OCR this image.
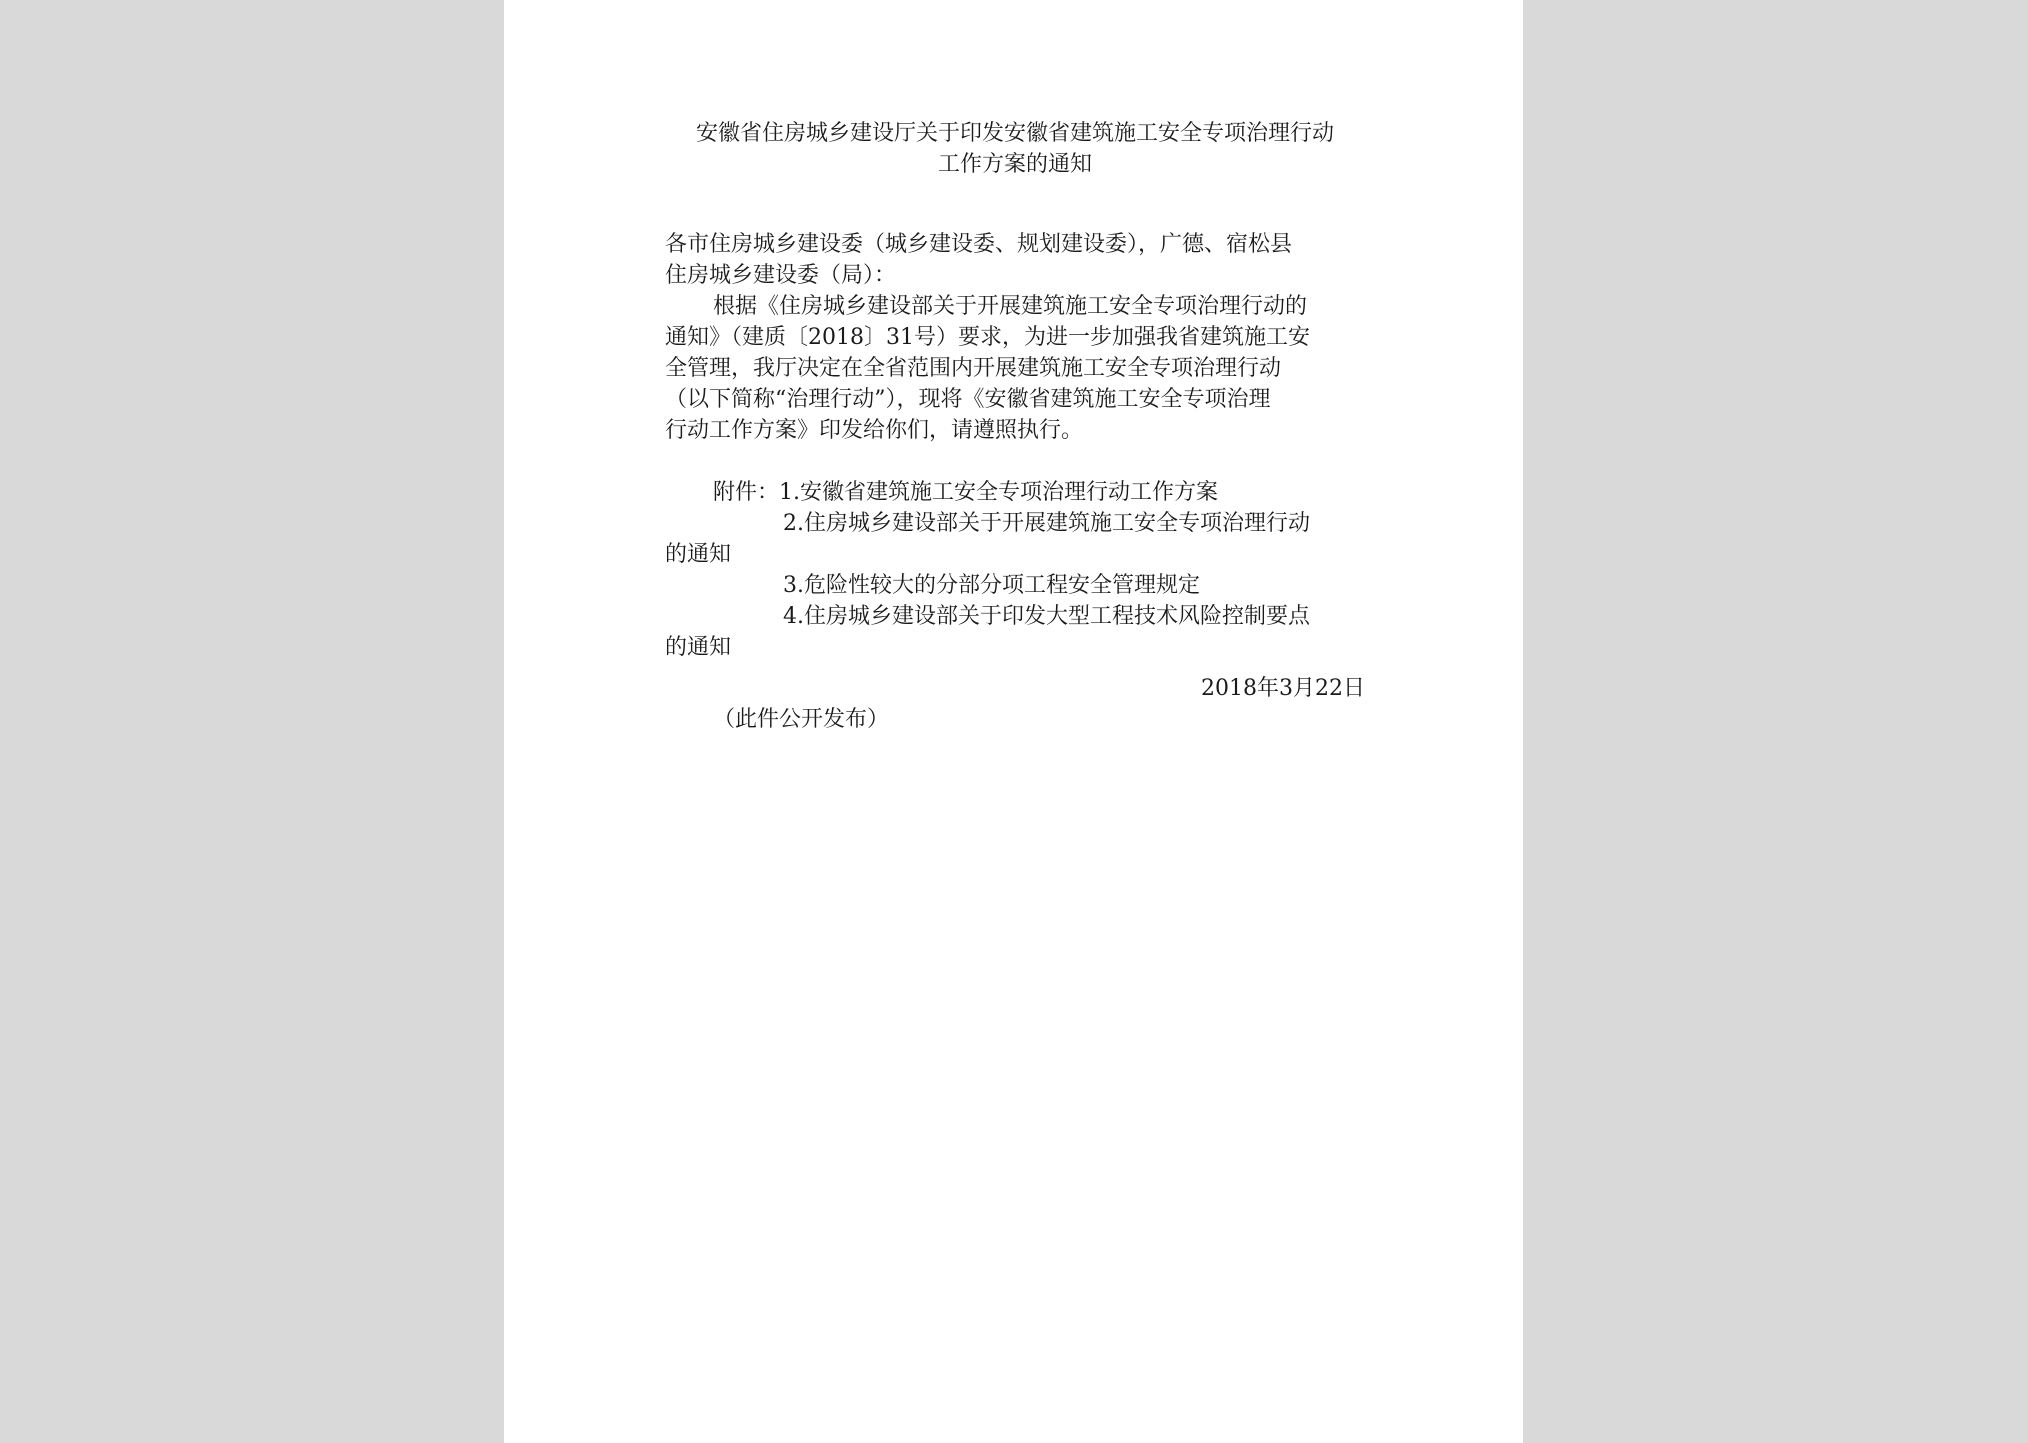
安徽省住房城乡建设厅关于印发安徽省建筑施工安全专项治理行动
工作方案的通知
各市住房城乡建设委（城乡建设委、规划建设委），广德、宿松县
住房城乡建设委（局）：
根据《住房城乡建设部关于开展建筑施工安全专项治理行动的
通知》（建质〔2018〕31号）要求，为进一步加强我省建筑施工安
全管理，我厅决定在全省范围内开展建筑施工安全专项治理行动
（以下简称“治理行动”），现将《安徽省建筑施工安全专项治理
行动工作方案》印发给你们，请遵照执行。
附件：1.安徽省建筑施工安全专项治理行动工作方案
2.住房城乡建设部关于开展建筑施工安全专项治理行动
的通知
3.危险性较大的分部分项工程安全管理规定
4.住房城乡建设部关于印发大型工程技术风险控制要点
的通知
2018年3月22日
（此件公开发布）
